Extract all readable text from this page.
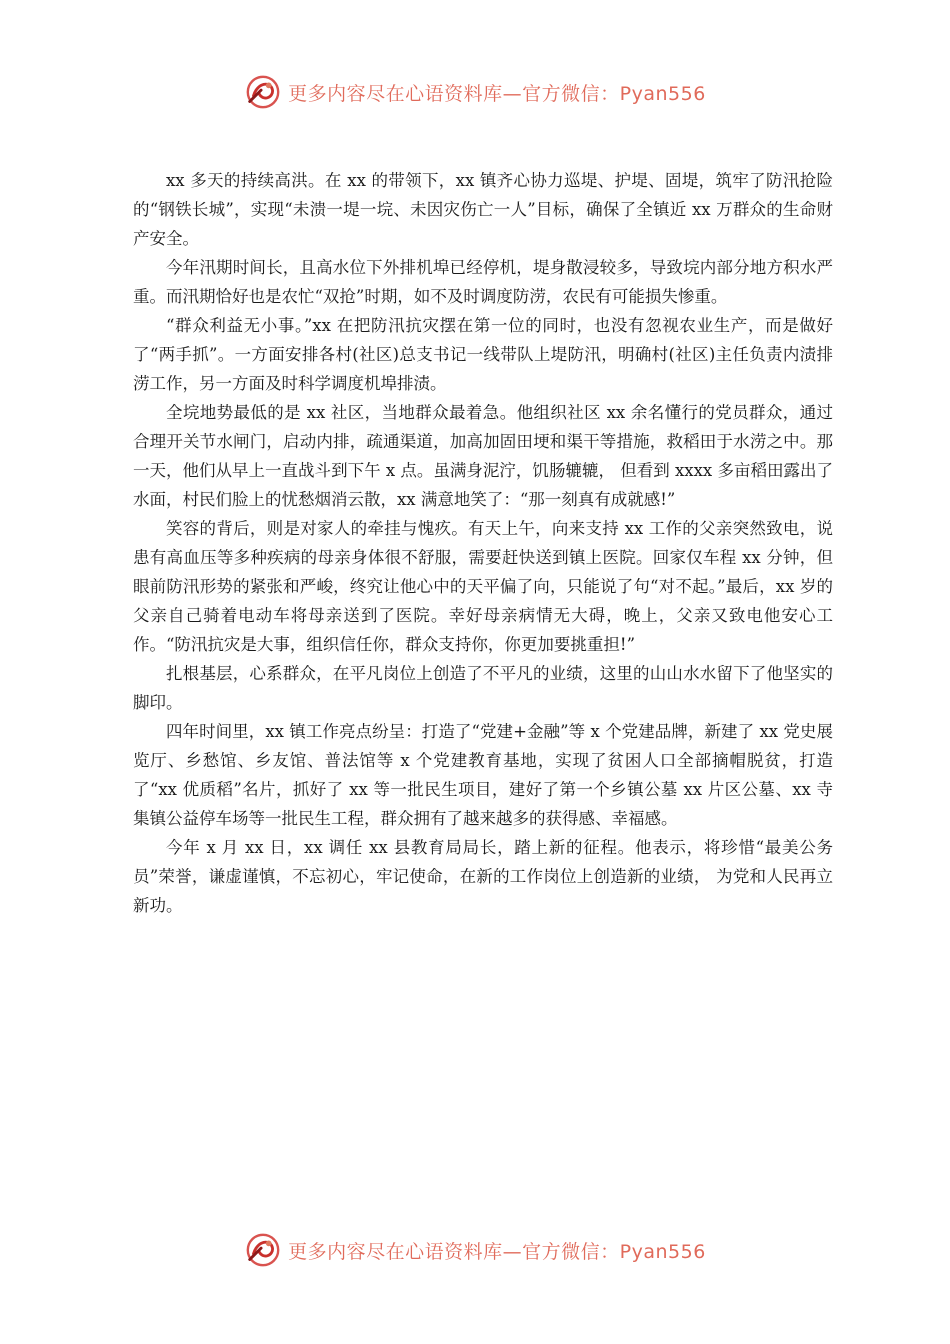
更多内容尽在心语资料库—官方微信：Pyan556

xx 多天的持续高洪。在 xx 的带领下，xx 镇齐心协力巡堤、护堤、固堤，筑牢了防汛抢险的“钢铁长城”，实现“未溃一堤一垸、未因灾伤亡一人”目标，确保了全镇近 xx 万群众的生命财产安全。

今年汛期时间长，且高水位下外排机埠已经停机，堤身散浸较多，导致垸内部分地方积水严重。而汛期恰好也是农忙“双抢”时期，如不及时调度防涝，农民有可能损失惨重。

“群众利益无小事。”xx 在把防汛抗灾摆在第一位的同时，也没有忽视农业生产，而是做好了“两手抓”。一方面安排各村(社区)总支书记一线带队上堤防汛，明确村(社区)主任负责内渍排涝工作，另一方面及时科学调度机埠排渍。

全垸地势最低的是 xx 社区，当地群众最着急。他组织社区 xx 余名懂行的党员群众，通过合理开关节水闸门，启动内排，疏通渠道，加高加固田埂和渠干等措施，救稻田于水涝之中。那一天，他们从早上一直战斗到下午 x 点。虽满身泥泞，饥肠辘辘， 但看到 xxxx 多亩稻田露出了水面，村民们脸上的忧愁烟消云散，xx 满意地笑了：“那一刻真有成就感!”

笑容的背后，则是对家人的牵挂与愧疚。有天上午，向来支持 xx 工作的父亲突然致电，说患有高血压等多种疾病的母亲身体很不舒服，需要赶快送到镇上医院。回家仅车程 xx 分钟，但眼前防汛形势的紧张和严峻，终究让他心中的天平偏了向，只能说了句“对不起。”最后，xx 岁的父亲自己骑着电动车将母亲送到了医院。幸好母亲病情无大碍，晚上，父亲又致电他安心工作。“防汛抗灾是大事，组织信任你，群众支持你，你更加要挑重担!”

扎根基层，心系群众，在平凡岗位上创造了不平凡的业绩，这里的山山水水留下了他坚实的脚印。

四年时间里，xx 镇工作亮点纷呈：打造了“党建+金融”等 x 个党建品牌，新建了 xx 党史展览厅、乡愁馆、乡友馆、普法馆等 x 个党建教育基地，实现了贫困人口全部摘帽脱贫，打造了“xx 优质稻”名片，抓好了 xx 等一批民生项目，建好了第一个乡镇公墓 xx 片区公墓、xx 寺集镇公益停车场等一批民生工程，群众拥有了越来越多的获得感、幸福感。

今年 x 月 xx 日，xx 调任 xx 县教育局局长，踏上新的征程。他表示，将珍惜“最美公务员”荣誉，谦虚谨慎，不忘初心，牢记使命，在新的工作岗位上创造新的业绩， 为党和人民再立新功。

更多内容尽在心语资料库—官方微信：Pyan556
